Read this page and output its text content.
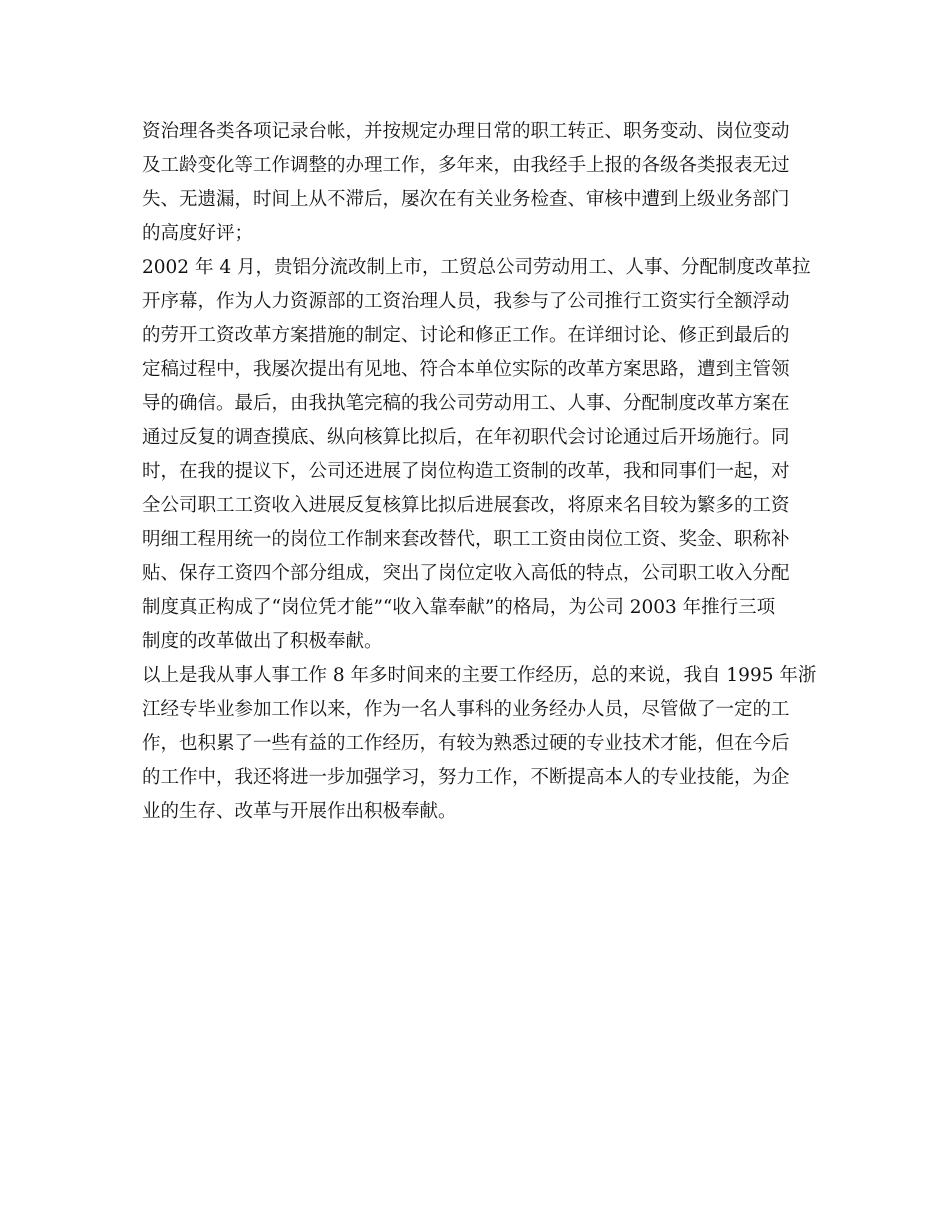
资治理各类各项记录台帐，并按规定办理日常的职工转正、职务变动、岗位变动
及工龄变化等工作调整的办理工作，多年来，由我经手上报的各级各类报表无过
失、无遗漏，时间上从不滞后，屡次在有关业务检查、审核中遭到上级业务部门
的高度好评；
2002 年 4 月，贵铝分流改制上市，工贸总公司劳动用工、人事、分配制度改革拉
开序幕，作为人力资源部的工资治理人员，我参与了公司推行工资实行全额浮动
的劳开工资改革方案措施的制定、讨论和修正工作。在详细讨论、修正到最后的
定稿过程中，我屡次提出有见地、符合本单位实际的改革方案思路，遭到主管领
导的确信。最后，由我执笔完稿的我公司劳动用工、人事、分配制度改革方案在
通过反复的调查摸底、纵向核算比拟后，在年初职代会讨论通过后开场施行。同
时，在我的提议下，公司还进展了岗位构造工资制的改革，我和同事们一起，对
全公司职工工资收入进展反复核算比拟后进展套改，将原来名目较为繁多的工资
明细工程用统一的岗位工作制来套改替代，职工工资由岗位工资、奖金、职称补
贴、保存工资四个部分组成，突出了岗位定收入高低的特点，公司职工收入分配
制度真正构成了“岗位凭才能”“收入靠奉献”的格局，为公司 2003 年推行三项
制度的改革做出了积极奉献。
以上是我从事人事工作 8 年多时间来的主要工作经历，总的来说，我自 1995 年浙
江经专毕业参加工作以来，作为一名人事科的业务经办人员，尽管做了一定的工
作，也积累了一些有益的工作经历，有较为熟悉过硬的专业技术才能，但在今后
的工作中，我还将进一步加强学习，努力工作，不断提高本人的专业技能，为企
业的生存、改革与开展作出积极奉献。
